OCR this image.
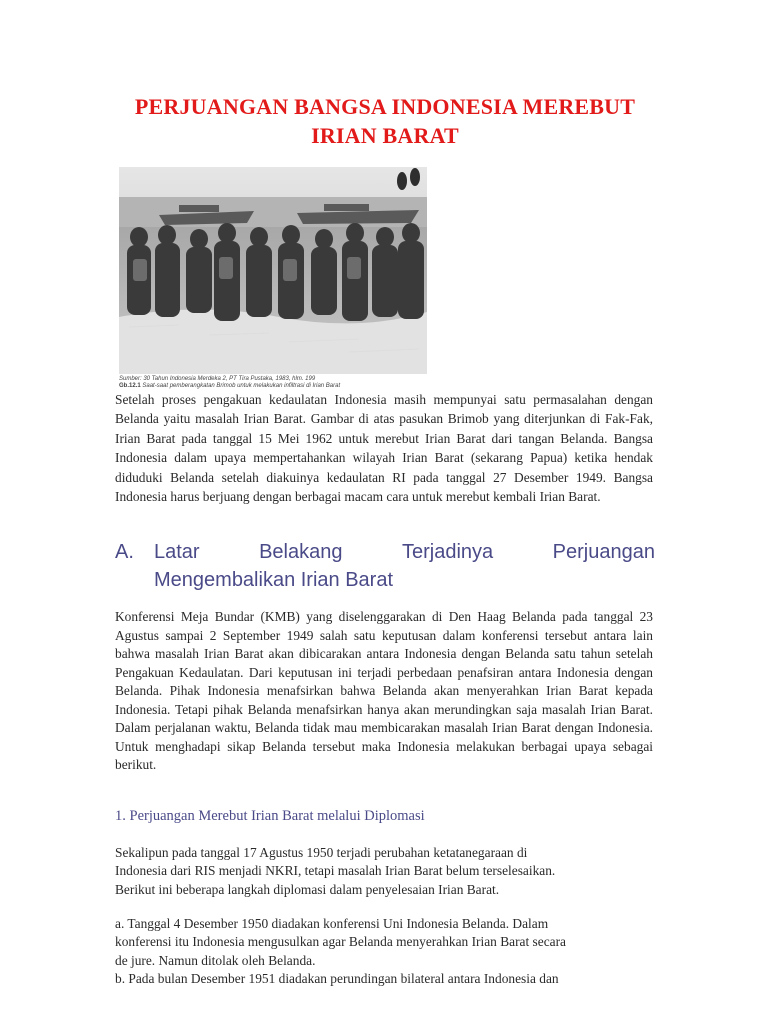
PERJUANGAN BANGSA INDONESIA MEREBUT
IRIAN BARAT
Sumber: 30 Tahun Indonesia Merdeka 2, PT Tira Pustaka, 1983, hlm. 199
Gb.12.1 Saat-saat pemberangkatan Brimob untuk melakukan infiltrasi di Irian Barat
Setelah proses pengakuan kedaulatan Indonesia masih mempunyai satu permasalahan dengan Belanda yaitu masalah Irian Barat. Gambar di atas pasukan Brimob yang diterjunkan di Fak-Fak, Irian Barat pada tanggal 15 Mei 1962 untuk merebut Irian Barat dari tangan Belanda. Bangsa Indonesia dalam upaya mempertahankan wilayah Irian Barat (sekarang Papua) ketika hendak diduduki Belanda setelah diakuinya kedaulatan RI pada tanggal 27 Desember 1949. Bangsa Indonesia harus berjuang dengan berbagai macam cara untuk merebut kembali Irian Barat.
A. Latar	Belakang	Terjadinya	Perjuangan
Mengembalikan Irian Barat
Konferensi Meja Bundar (KMB) yang diselenggarakan di Den Haag Belanda pada tanggal 23 Agustus sampai 2 September 1949 salah satu keputusan dalam konferensi tersebut antara lain bahwa masalah Irian Barat akan dibicarakan antara Indonesia dengan Belanda satu tahun setelah Pengakuan Kedaulatan. Dari keputusan ini terjadi perbedaan penafsiran antara Indonesia dengan Belanda. Pihak Indonesia menafsirkan bahwa Belanda akan menyerahkan Irian Barat kepada Indonesia. Tetapi pihak Belanda menafsirkan hanya akan merundingkan saja masalah Irian Barat. Dalam perjalanan waktu, Belanda tidak mau membicarakan masalah Irian Barat dengan Indonesia. Untuk menghadapi sikap Belanda tersebut maka Indonesia melakukan berbagai upaya sebagai berikut.
1. Perjuangan Merebut Irian Barat melalui Diplomasi
Sekalipun pada tanggal 17 Agustus 1950 terjadi perubahan ketatanegaraan di
Indonesia dari RIS menjadi NKRI, tetapi masalah Irian Barat belum terselesaikan.
Berikut ini beberapa langkah diplomasi dalam penyelesaian Irian Barat.
a. Tanggal 4 Desember 1950 diadakan konferensi Uni Indonesia Belanda. Dalam
konferensi itu Indonesia mengusulkan agar Belanda menyerahkan Irian Barat secara
de jure. Namun ditolak oleh Belanda.
b. Pada bulan Desember 1951 diadakan perundingan bilateral antara Indonesia dan
